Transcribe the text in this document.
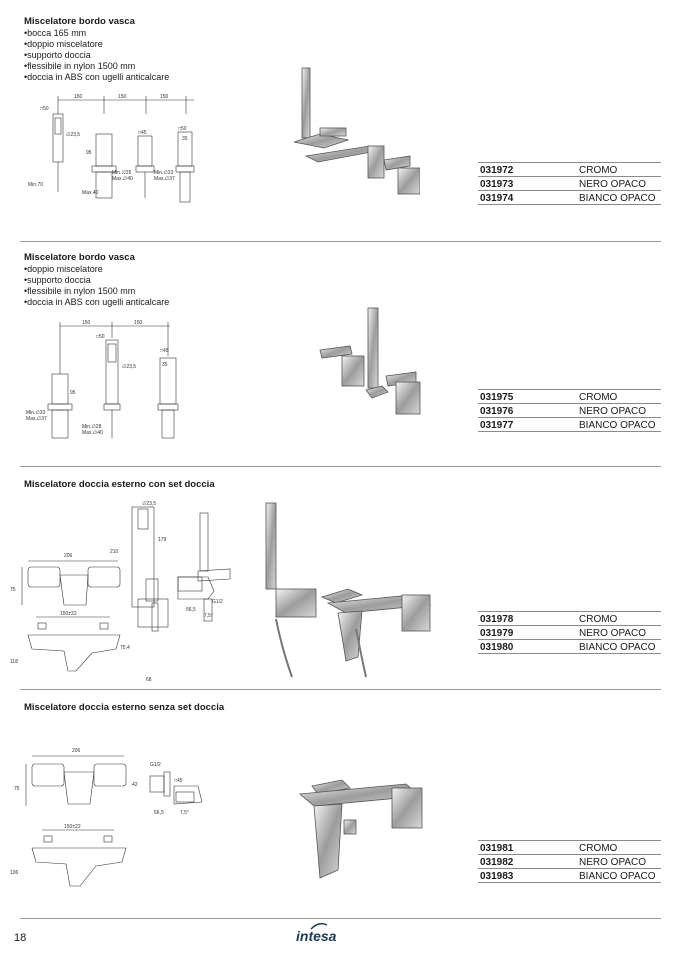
Miscelatore bordo vasca
• bocca 165 mm
• doppio miscelatore
• supporto doccia
• flessibile in nylon 1500 mm
• doccia in ABS con ugelli anticalcare
150	150	150
□50
∅23,5	□45
□50
Min.70
Max.40
Min.∅35
Max.∅40
Min.∅33
Max.∅37
95
35
031972	CROMO
031973	NERO OPACO
031974	BIANCO OPACO
Miscelatore bordo vasca
• doppio miscelatore
• supporto doccia
• flessibile in nylon 1500 mm
• doccia in ABS con ugelli anticalcare
150	150
□50
∅23,5
□45
Min.∅33
Max.∅37
Min.∅28
Max.∅40
95
35
031975	CROMO
031976	NERO OPACO
031977	BIANCO OPACO
Miscelatore doccia esterno con set doccia
206
75
150±22
118
∅23,5
210
179
G1/2
56,5
7,5°
68
75,4
031978	CROMO
031979	NERO OPACO
031980	BIANCO OPACO
Miscelatore doccia esterno senza set doccia
206
75
150±22
136
G1/2
42
56,5	7,5°
□45
031981	CROMO
031982	NERO OPACO
031983	BIANCO OPACO
18	intesa
